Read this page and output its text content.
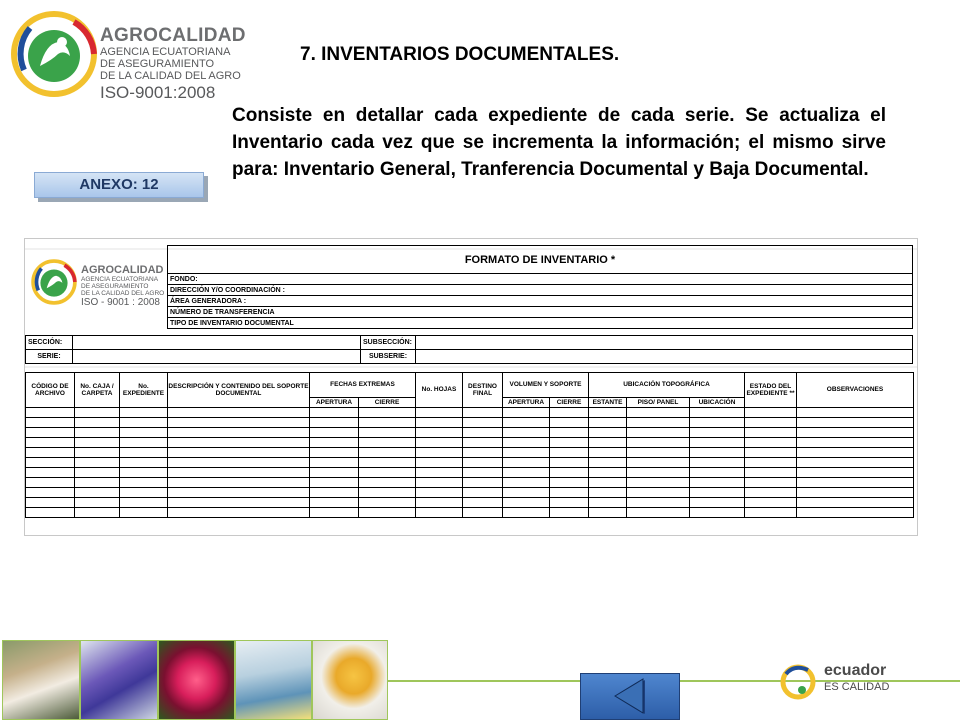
AGROCALIDAD
AGENCIA ECUATORIANA
DE ASEGURAMIENTO
DE LA CALIDAD DEL AGRO
ISO-9001:2008
7. INVENTARIOS DOCUMENTALES.
Consiste en detallar cada expediente de cada serie. Se actualiza el Inventario cada vez que se incrementa la información; el mismo sirve para: Inventario General, Tranferencia Documental y Baja Documental.
ANEXO: 12
AGROCALIDAD
AGENCIA ECUATORIANA
DE ASEGURAMIENTO
DE LA CALIDAD DEL AGRO
ISO - 9001 : 2008
FORMATO DE INVENTARIO *
FONDO:
DIRECCIÓN Y/O COORDINACIÓN :
ÁREA GENERADORA :
NÚMERO DE TRANSFERENCIA
TIPO DE INVENTARIO DOCUMENTAL
SECCIÓN:		SUBSECCIÓN:	
SERIE:		SUBSERIE:	
CÓDIGO DE ARCHIVO	No. CAJA / CARPETA	No. EXPEDIENTE	DESCRIPCIÓN Y CONTENIDO DEL SOPORTE DOCUMENTAL	FECHAS EXTREMAS		No. HOJAS	DESTINO FINAL	VOLUMEN Y SOPORTE		UBICACIÓN TOPOGRÁFICA			ESTADO DEL EXPEDIENTE **	OBSERVACIONES
				APERTURA	CIERRE			APERTURA	CIERRE	ESTANTE	PISO/ PANEL	UBICACIÓN		

ecuador
ES CALIDAD
